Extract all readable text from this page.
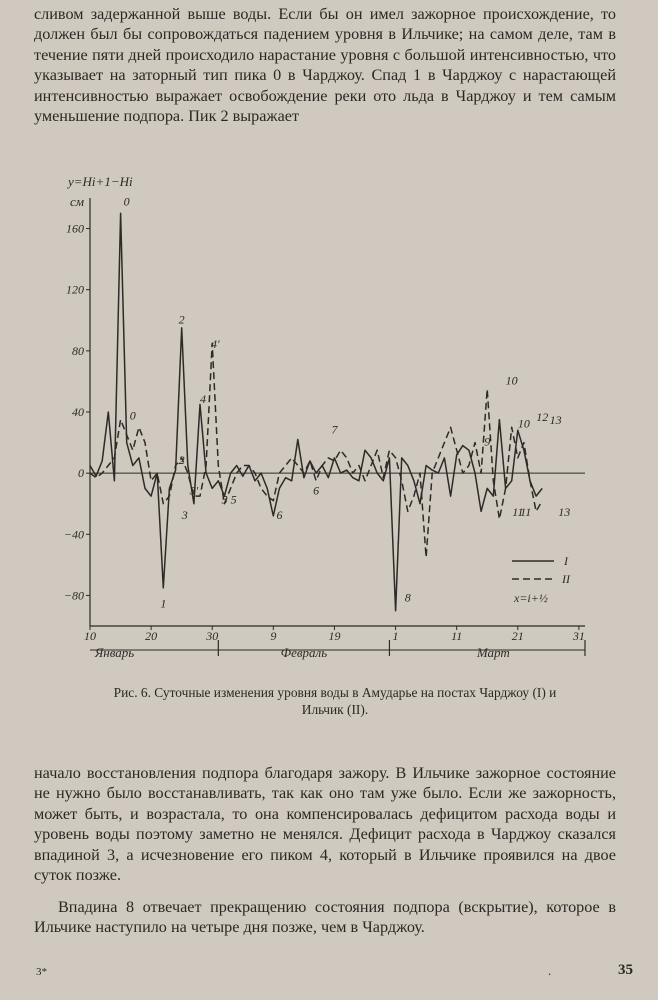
сливом задержанной выше воды. Если бы он имел зажорное происхождение, то должен был бы сопровождаться падением уровня в Ильчике; на самом деле, там в течение пяти дней происходило нарастание уровня с большой интенсивностью, что указывает на заторный тип пика 0 в Чарджоу. Спад 1 в Чарджоу с нарастающей интенсивностью выражает освобождение реки ото льда в Чарджоу и тем самым уменьшение подпора. Пик 2 выражает

y=Hi+1−Hi
см
−80
−40
0
40
80
120
160
10	20	30	9	19	1	11	21	31
Январь	Февраль	Март
0
0
1
2
2
3
3'
4
4'
5 5
6
6
7
8
9
10
10
11
11
12 13
13
I
II
x=i+½

Рис. 6. Суточные изменения уровня воды в Амударье на постах Чарджоу (I) и Ильчик (II).

начало восстановления подпора благодаря зажору. В Ильчике зажорное состояние не нужно было восстанавливать, так как оно там уже было. Если же зажорность, может быть, и возрастала, то она компенсировалась дефицитом расхода воды и уровень воды поэтому заметно не менялся. Дефицит расхода в Чарджоу сказался впадиной 3, а исчезновение его пиком 4, который в Ильчике проявился на двое суток позже.

Впадина 8 отвечает прекращению состояния подпора (вскрытие), которое в Ильчике наступило на четыре дня позже, чем в Чарджоу.

3*	.	35
